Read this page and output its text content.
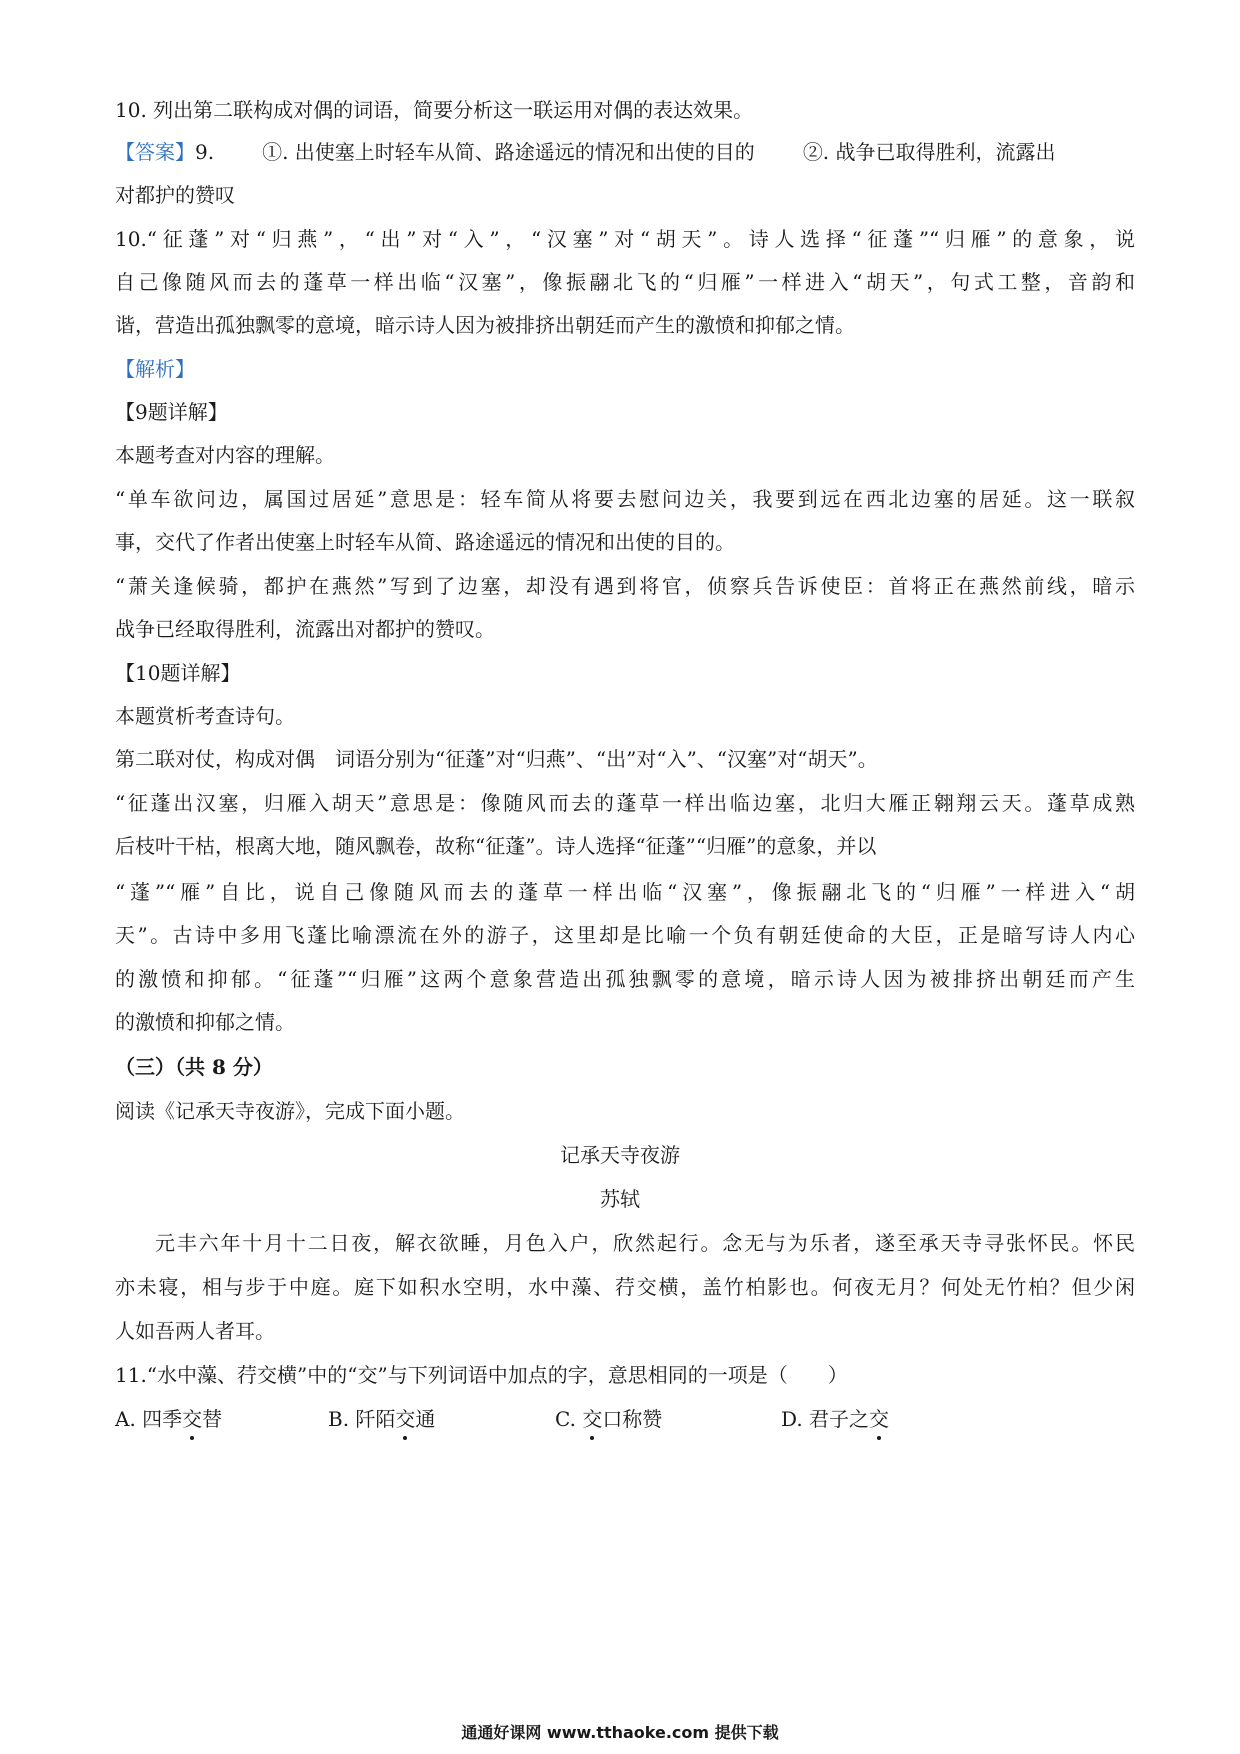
10. 列出第二联构成对偶的词语，简要分析这一联运用对偶的表达效果。
【答案】9. ①. 出使塞上时轻车从简、路途遥远的情况和出使的目的 ②. 战争已取得胜利，流露出
对都护的赞叹
10.“征蓬”对“归燕”，“出”对“入”，“汉塞”对“胡天”。诗人选择“征蓬”“归雁”的意象，说
自己像随风而去的蓬草一样出临“汉塞”，像振翮北飞的“归雁”一样进入“胡天”，句式工整，音韵和
谐，营造出孤独飘零的意境，暗示诗人因为被排挤出朝廷而产生的激愤和抑郁之情。
【解析】
【9题详解】
本题考查对内容的理解。
“单车欲问边，属国过居延”意思是：轻车简从将要去慰问边关，我要到远在西北边塞的居延。这一联叙
事，交代了作者出使塞上时轻车从简、路途遥远的情况和出使的目的。
“萧关逢候骑，都护在燕然”写到了边塞，却没有遇到将官，侦察兵告诉使臣：首将正在燕然前线，暗示
战争已经取得胜利，流露出对都护的赞叹。
【10题详解】
本题赏析考查诗句。
第二联对仗，构成对偶　词语分别为“征蓬”对“归燕”、“出”对“入”、“汉塞”对“胡天”。
“征蓬出汉塞，归雁入胡天”意思是：像随风而去的蓬草一样出临边塞，北归大雁正翱翔云天。蓬草成熟
后枝叶干枯，根离大地，随风飘卷，故称“征蓬”。诗人选择“征蓬”“归雁”的意象，并以
“蓬”“雁”自比，说自己像随风而去的蓬草一样出临“汉塞”，像振翮北飞的“归雁”一样进入“胡
天”。古诗中多用飞蓬比喻漂流在外的游子，这里却是比喻一个负有朝廷使命的大臣，正是暗写诗人内心
的激愤和抑郁。“征蓬”“归雁”这两个意象营造出孤独飘零的意境，暗示诗人因为被排挤出朝廷而产生
的激愤和抑郁之情。
（三）（共 8 分）
阅读《记承天寺夜游》，完成下面小题。
记承天寺夜游
苏轼
元丰六年十月十二日夜，解衣欲睡，月色入户，欣然起行。念无与为乐者，遂至承天寺寻张怀民。怀民
亦未寝，相与步于中庭。庭下如积水空明，水中藻、荇交横，盖竹柏影也。何夜无月？何处无竹柏？但少闲
人如吾两人者耳。
11.“水中藻、荇交横”中的“交”与下列词语中加点的字，意思相同的一项是（　　）
A. 四季交替	B. 阡陌交通	C. 交口称赞	D. 君子之交
通通好课网 www.tthaoke.com 提供下载
